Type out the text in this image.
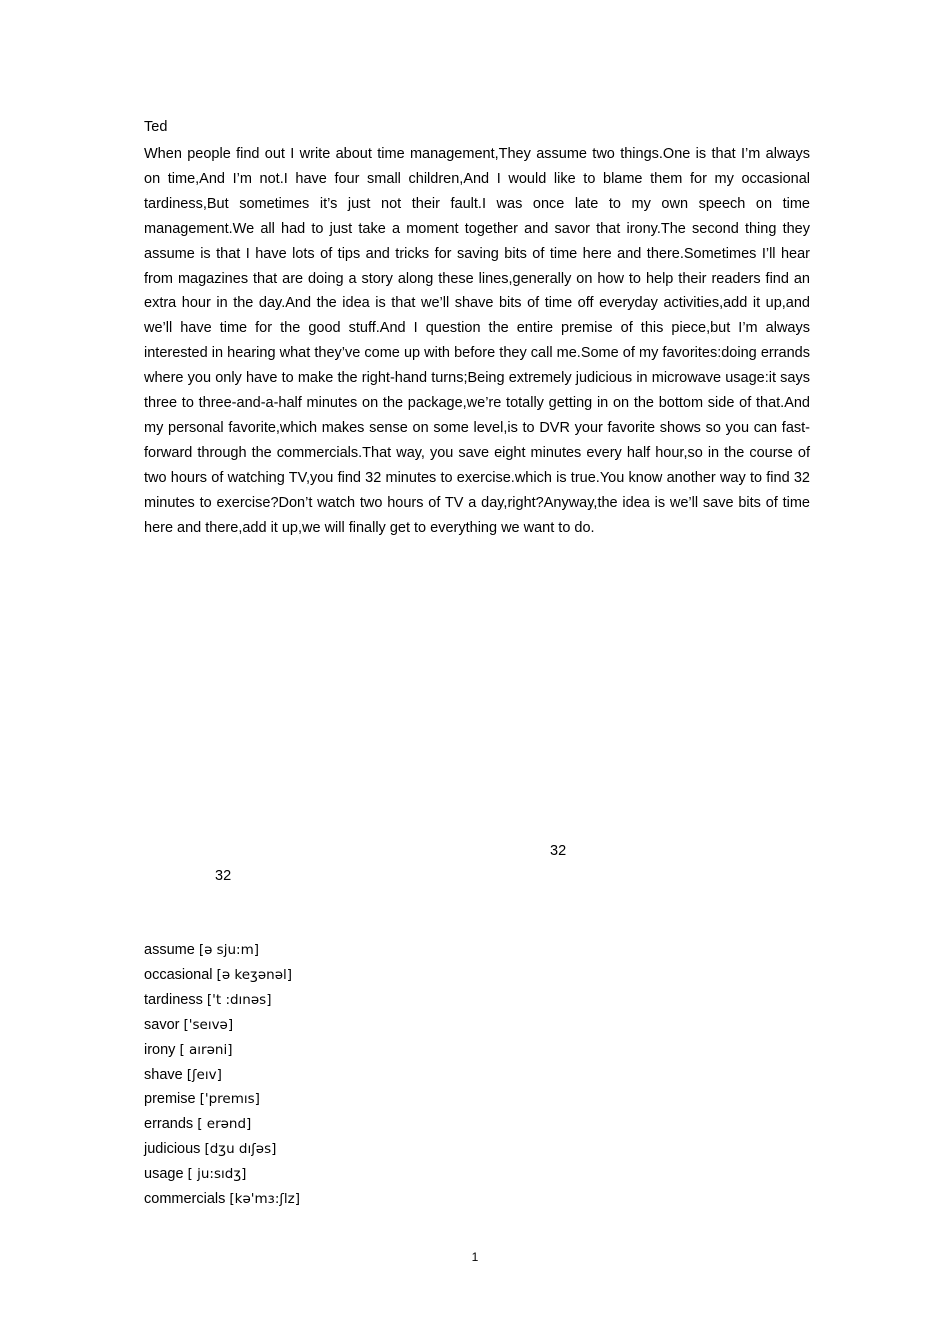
Ted
When people find out I write about time management,They assume two things.One is that I’m always on time,And I’m not.I have four small children,And I would like to blame them for my occasional tardiness,But sometimes it’s just not their fault.I was once late to my own speech on time management.We all had to just take a moment together and savor that irony.The second thing they assume is that I have lots of tips and tricks for saving bits of time here and there.Sometimes I’ll hear from magazines that are doing a story along these lines,generally on how to help their readers find an extra hour in the day.And the idea is that we’ll shave bits of time off everyday activities,add it up,and we’ll have time for the good stuff.And I question the entire premise of this piece,but I’m always interested in hearing what they’ve come up with before they call me.Some of my favorites:doing errands where you only have to make the right-hand turns;Being extremely judicious in microwave usage:it says three to three-and-a-half minutes on the package,we’re totally getting in on the bottom side of that.And my personal favorite,which makes sense on some level,is to DVR your favorite shows so you can fast-forward through the commercials.That way, you save eight minutes every half hour,so in the course of two hours of watching TV,you find 32 minutes to exercise.which is true.You know another way to find 32 minutes to exercise?Don’t watch two hours of TV a day,right?Anyway,the idea is we’ll save bits of time here and there,add it up,we will finally get to everything we want to do.
32
32
assume [ə sju:m]
occasional [ə keʒənəl]
tardiness ['t :dınəs]
savor ['seıvə]
irony [ aırəni]
shave [ʃeıv]
premise ['premıs]
errands [ erənd]
judicious [dʒu dıʃəs]
usage [ ju:sıdʒ]
commercials [kə'mɜ:ʃlz]
1
